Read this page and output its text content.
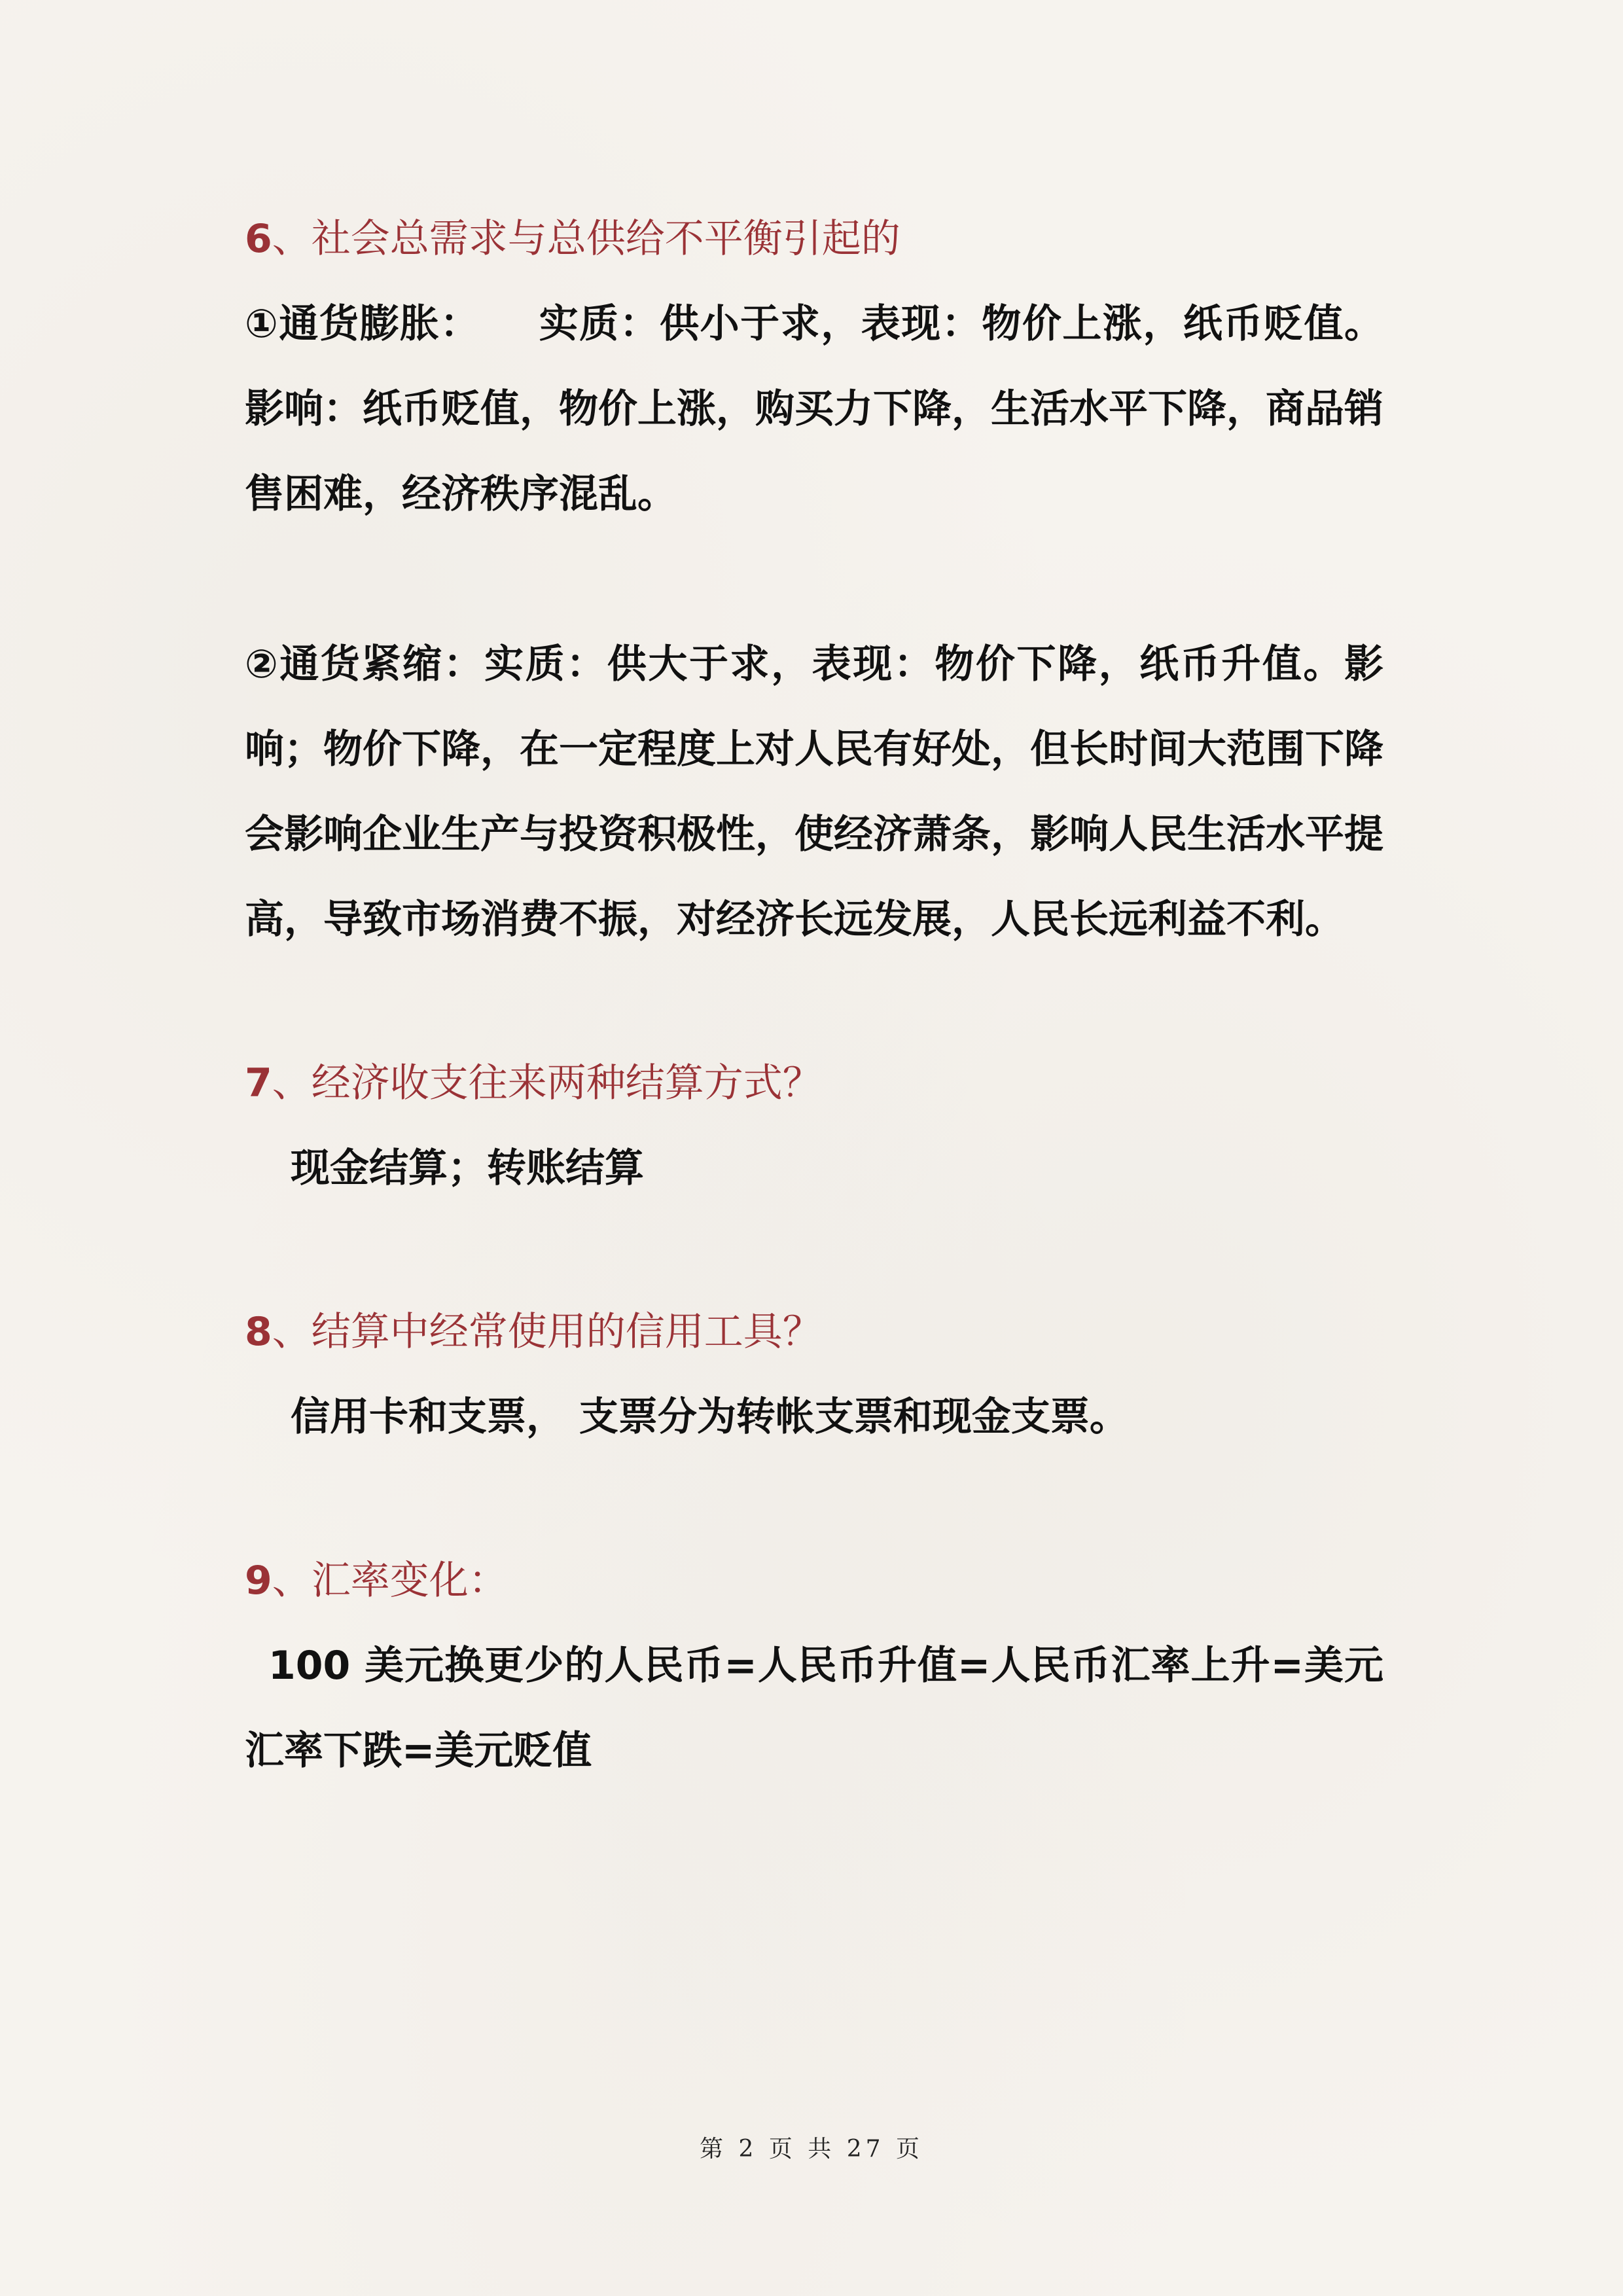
6、社会总需求与总供给不平衡引起的

①通货膨胀：    实质：供小于求，表现：物价上涨，纸币贬值。影响：纸币贬值，物价上涨，购买力下降，生活水平下降，商品销售困难，经济秩序混乱。

②通货紧缩：实质：供大于求，表现：物价下降，纸币升值。影响；物价下降，在一定程度上对人民有好处，但长时间大范围下降会影响企业生产与投资积极性，使经济萧条，影响人民生活水平提高，导致市场消费不振，对经济长远发展，人民长远利益不利。

7、经济收支往来两种结算方式？

现金结算；转账结算

8、结算中经常使用的信用工具？

信用卡和支票， 支票分为转帐支票和现金支票。

9、汇率变化：

100 美元换更少的人民币=人民币升值=人民币汇率上升=美元汇率下跌=美元贬值

第 2 页 共 27 页
